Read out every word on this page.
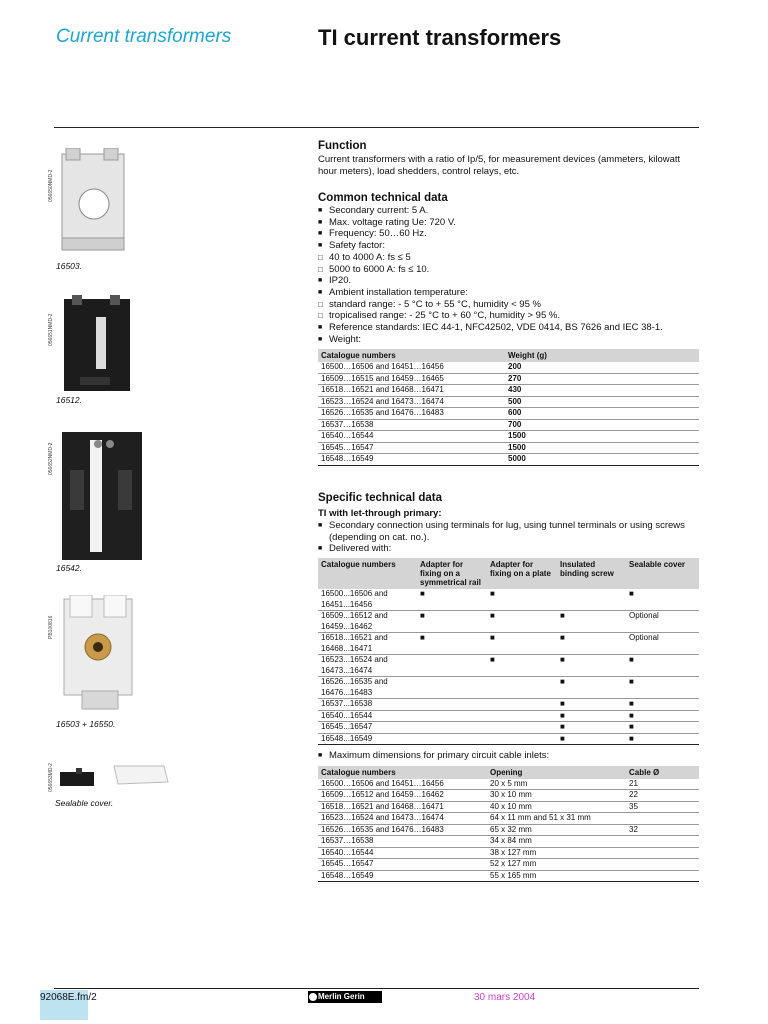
Current transformers	TI current transformers
056650NMD-2
16503.
056651NMD-2
16512.
056652NMD-2
16542.
PB100816
16503 + 16550.
056653MD-2
Sealable cover.
Function

Current transformers with a ratio of Ip/5, for measurement devices (ammeters, kilowatt hour meters), load shedders, control relays, etc.

Common technical data
■ Secondary current: 5 A.
■ Max. voltage rating Ue: 720 V.
■ Frequency: 50…60 Hz.
■ Safety factor:
□ 40 to 4000 A: fs ≤ 5
□ 5000 to 6000 A: fs ≤ 10.
■ IP20.
■ Ambient installation temperature:
□ standard range: - 5 °C to + 55 °C, humidity < 95 %
□ tropicalised range: - 25 °C to + 60 °C, humidity > 95 %.
■ Reference standards: IEC 44-1, NFC42502, VDE 0414, BS 7626 and IEC 38-1.
■ Weight:
Catalogue numbers	Weight (g)
16500…16506 and 16451…16456	200
16509…16515 and 16459…16465	270
16518…16521 and 16468…16471	430
16523…16524 and 16473…16474	500
16526…16535 and 16476…16483	600
16537…16538	700
16540…16544	1500
16545…16547	1500
16548…16549	5000
Specific technical data

TI with let-through primary:

■ Secondary connection using terminals for lug, using tunnel terminals or using screws (depending on cat. no.).
■ Delivered with:
Catalogue numbers	Adapter for fixing on a symmetrical rail	Adapter for fixing on a plate	Insulated binding screw	Sealable cover
16500...16506 and 16451...16456	■	■		■
16509...16512 and 16459...16462	■	■	■	Optional
16518...16521 and 16468...16471	■	■	■	Optional
16523...16524 and 16473...16474		■	■	■
16526...16535 and 16476...16483			■	■
16537...16538			■	■
16540...16544			■	■
16545...16547			■	■
16548...16549			■	■
■ Maximum dimensions for primary circuit cable inlets:
Catalogue numbers	Opening	Cable Ø
16500…16506 and 16451…16456	20 x 5 mm	21
16509…16512 and 16459…16462	30 x 10 mm	22
16518…16521 and 16468…16471	40 x 10 mm	35
16523…16524 and 16473…16474	64 x 11 mm and 51 x 31 mm	
16526…16535 and 16476…16483	65 x 32 mm	32
16537…16538	34 x 84 mm	
16540…16544	38 x 127 mm	
16545…16547	52 x 127 mm	
16548…16549	55 x 165 mm	
92068E.fm/2	Merlin Gerin	30 mars 2004
